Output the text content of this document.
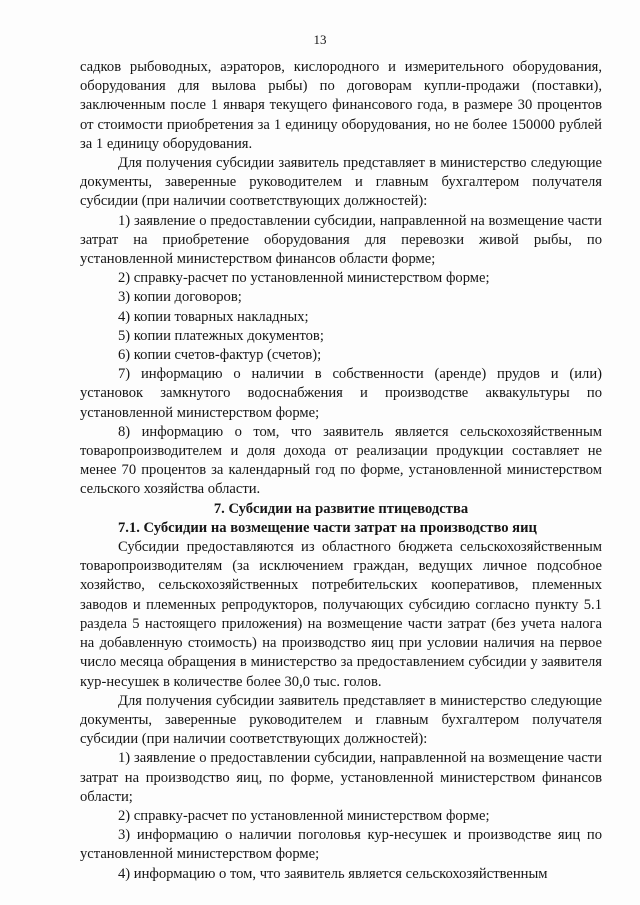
13

садков рыбоводных, аэраторов, кислородного и измерительного оборудования, оборудования для вылова рыбы) по договорам купли-продажи (поставки), заключенным после 1 января текущего финансового года, в размере 30 процентов от стоимости приобретения за 1 единицу оборудования, но не более 150000 рублей за 1 единицу оборудования.

Для получения субсидии заявитель представляет в министерство следующие документы, заверенные руководителем и главным бухгалтером получателя субсидии (при наличии соответствующих должностей):

1) заявление о предоставлении субсидии, направленной на возмещение части затрат на приобретение оборудования для перевозки живой рыбы, по установленной министерством финансов области форме;

2) справку-расчет по установленной министерством форме;

3) копии договоров;

4) копии товарных накладных;

5) копии платежных документов;

6) копии счетов-фактур (счетов);

7) информацию о наличии в собственности (аренде) прудов и (или) установок замкнутого водоснабжения и производстве аквакультуры по установленной министерством форме;

8) информацию о том, что заявитель является сельскохозяйственным товаропроизводителем и доля дохода от реализации продукции составляет не менее 70 процентов за календарный год по форме, установленной министерством сельского хозяйства области.

7. Субсидии на развитие птицеводства

7.1. Субсидии на возмещение части затрат на производство яиц

Субсидии предоставляются из областного бюджета сельскохозяйственным товаропроизводителям (за исключением граждан, ведущих личное подсобное хозяйство, сельскохозяйственных потребительских кооперативов, племенных заводов и племенных репродукторов, получающих субсидию согласно пункту 5.1 раздела 5 настоящего приложения) на возмещение части затрат (без учета налога на добавленную стоимость) на производство яиц при условии наличия на первое число месяца обращения в министерство за предоставлением субсидии у заявителя кур-несушек в количестве более 30,0 тыс. голов.

Для получения субсидии заявитель представляет в министерство следующие документы, заверенные руководителем и главным бухгалтером получателя субсидии (при наличии соответствующих должностей):

1) заявление о предоставлении субсидии, направленной на возмещение части затрат на производство яиц, по форме, установленной министерством финансов области;

2) справку-расчет по установленной министерством форме;

3) информацию о наличии поголовья кур-несушек и производстве яиц по установленной министерством форме;

4) информацию о том, что заявитель является сельскохозяйственным
